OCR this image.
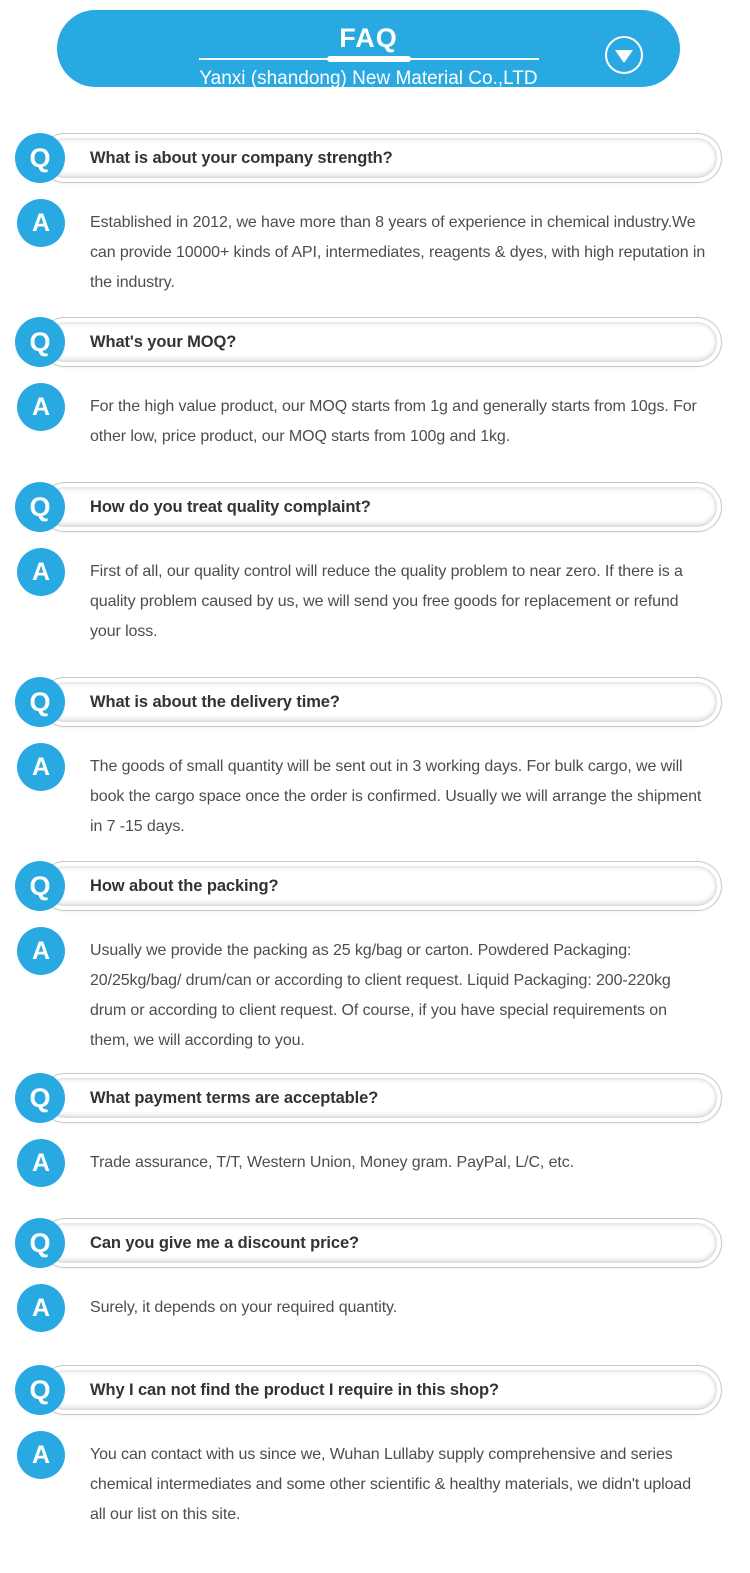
FAQ
Yanxi (shandong) New Material Co.,LTD
What is about your company strength?
Q
A	Established in 2012, we have more than 8 years of experience in chemical industry.We
can provide 10000+ kinds of API, intermediates, reagents & dyes, with high reputation in
the industry.
What's your MOQ?
Q
A	For the high value product, our MOQ starts from 1g and generally starts from 10gs. For
other low, price product, our MOQ starts from 100g and 1kg.
How do you treat quality complaint?
Q
A	First of all, our quality control will reduce the quality problem to near zero. If there is a
quality problem caused by us, we will send you free goods for replacement or refund
your loss.
What is about the delivery time?
Q
A	The goods of small quantity will be sent out in 3 working days. For bulk cargo, we will
book the cargo space once the order is confirmed. Usually we will arrange the shipment
in 7 -15 days.
How about the packing?
Q
A	Usually we provide the packing as 25 kg/bag or carton. Powdered Packaging:
20/25kg/bag/ drum/can or according to client request. Liquid Packaging: 200-220kg
drum or according to client request. Of course, if you have special requirements on
them, we will according to you.
What payment terms are acceptable?
Q
A	Trade assurance, T/T, Western Union, Money gram. PayPal, L/C, etc.
Can you give me a discount price?
Q
A	Surely, it depends on your required quantity.
Why I can not find the product I require in this shop?
Q
A	You can contact with us since we, Wuhan Lullaby supply comprehensive and series
chemical intermediates and some other scientific & healthy materials, we didn't upload
all our list on this site.
